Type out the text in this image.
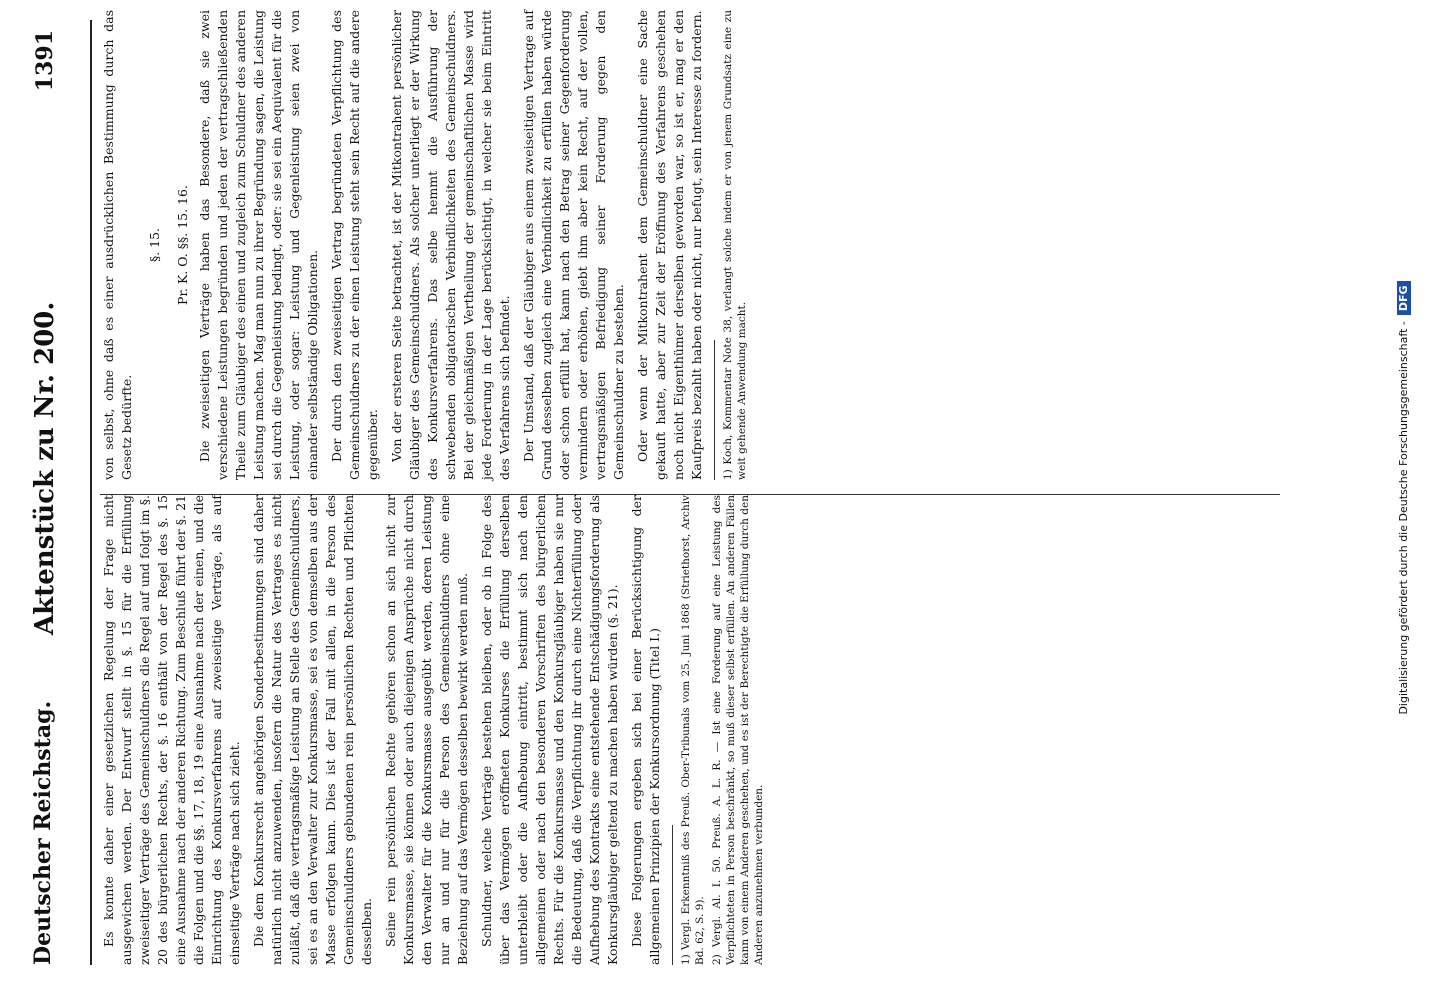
Deutscher Reichstag.
Aktenstück zu Nr. 200.
1391

Es konnte daher einer gesetzlichen Regelung der Frage nicht ausgewichen werden. Der Entwurf stellt in §. 15 für die Erfüllung zweiseitiger Verträge des Gemeinschuldners die Regel auf und folgt im §. 20 des bürgerlichen Rechts, der §. 16 enthält von der Regel des §. 15 eine Ausnahme nach der anderen Richtung. Zum Beschluß führt der §. 21 die Folgen und die §§. 17, 18, 19 eine Ausnahme nach der einen, und die Einrichtung des Konkursverfahrens auf zweiseitige Verträge, als auf einseitige Verträge nach sich zieht. Die dem Konkursrecht angehörigen Sonderbestimmungen sind daher natürlich nicht anzuwenden, insofern die Natur des Vertrages es nicht zuläßt, daß die vertragsmäßige Leistung an Stelle des Gemeinschuldners, sei es an den Verwalter zur Konkursmasse, sei es von demselben aus der Masse erfolgen kann. Dies ist der Fall mit allen, in die Person des Gemeinschuldners gebundenen rein persönlichen Rechten und Pflichten desselben. Seine rein persönlichen Rechte gehören schon an sich nicht zur Konkursmasse, sie können oder auch diejenigen Ansprüche nicht durch den Verwalter für die Konkursmasse ausgeübt werden, deren Leistung nur an und nur für die Person des Gemeinschuldners ohne eine Beziehung auf das Vermögen desselben bewirkt werden muß. Schuldner, welche Verträge bestehen bleiben, oder ob in Folge des über das Vermögen eröffneten Konkurses die Erfüllung derselben unterbleibt oder die Aufhebung eintritt, bestimmt sich nach den allgemeinen oder nach den besonderen Vorschriften des bürgerlichen Rechts. Für die Konkursmasse und den Konkursgläubiger haben sie nur die Bedeutung, daß die Verpflichtung ihr durch eine Nichterfüllung oder Aufhebung des Kontrakts eine entstehende Entschädigungsforderung als Konkursgläubiger geltend zu machen haben würden (§. 21). Diese Folgerungen ergeben sich bei einer Berücksichtigung der allgemeinen Prinzipien der Konkursordnung (Titel I.) 1) Vergl. Erkenntniß des Preuß. Ober-Tribunals vom 25. Juni 1868 (Striethorst, Archiv Bd. 62, S. 9). 2) Vergl. Al. I. 50. Preuß. A. L. R. — Ist eine Forderung auf eine Leistung des Verpflichteten in Person beschränkt, so muß dieser selbst erfüllen. An anderen Fällen kann von einem Anderen geschehen, und es ist der Berechtigte die Erfüllung durch den Anderen anzunehmen verbunden.

von selbst, ohne daß es einer ausdrücklichen Bestimmung durch das Gesetz bedürfte.

§. 15. Pr. K. O. §§. 15. 16. Die zweiseitigen Verträge haben das Besondere, daß sie zwei verschiedene Leistungen begründen und jeden der vertragschließenden Theile zum Gläubiger des einen und zugleich zum Schuldner des anderen Leistung machen. Mag man nun zu ihrer Begründung sagen, die Leistung sei durch die Gegenleistung bedingt, oder: sie sei ein Aequivalent für die Leistung, oder sogar: Leistung und Gegenleistung seien zwei von einander selbständige Obligationen. Der durch den zweiseitigen Vertrag begründeten Verpflichtung des Gemeinschuldners zu der einen Leistung steht sein Recht auf die andere gegenüber. Von der ersteren Seite betrachtet, ist der Mitkontrahent persönlicher Gläubiger des Gemeinschuldners. Als solcher unterliegt er der Wirkung des Konkursverfahrens. Das selbe hemmt die Ausführung der schwebenden obligatorischen Verbindlichkeiten des Gemeinschuldners. Bei der gleichmäßigen Vertheilung der gemeinschaftlichen Masse wird jede Forderung in der Lage berücksichtigt, in welcher sie beim Eintritt des Verfahrens sich befindet. Der Umstand, daß der Gläubiger aus einem zweiseitigen Vertrage auf Grund desselben zugleich eine Verbindlichkeit zu erfüllen haben würde oder schon erfüllt hat, kann nach den Betrag seiner Gegenforderung vermindern oder erhöhen, giebt ihm aber kein Recht, auf der vollen, vertragsmäßigen Befriedigung seiner Forderung gegen den Gemeinschuldner zu bestehen. Oder wenn der Mitkontrahent dem Gemeinschuldner eine Sache gekauft hatte, aber zur Zeit der Eröffnung des Verfahrens geschehen noch nicht Eigenthümer derselben geworden war, so ist er, mag er den Kaufpreis bezahlt haben oder nicht, nur befugt, sein Interesse zu fordern. 1) Koch, Kommentar Note 38, verlangt solche indem er von jenem Grundsatz eine zu weit gehende Anwendung macht.	Digitalisierung gefördert durch die Deutsche Forschungsgemeinschaft -DFG
